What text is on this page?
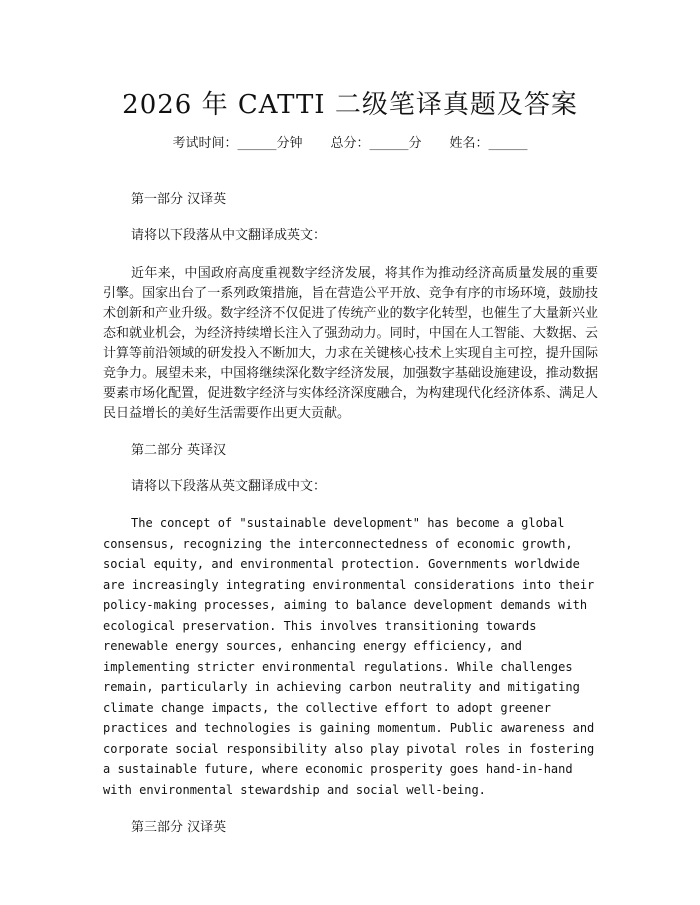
2026 年 CATTI 二级笔译真题及答案
考试时间：______分钟 总分：______分 姓名：______

第一部分 汉译英

请将以下段落从中文翻译成英文：

近年来，中国政府高度重视数字经济发展，将其作为推动经济高质量发展的重要引擎。国家出台了一系列政策措施，旨在营造公平开放、竞争有序的市场环境，鼓励技术创新和产业升级。数字经济不仅促进了传统产业的数字化转型，也催生了大量新兴业态和就业机会，为经济持续增长注入了强劲动力。同时，中国在人工智能、大数据、云计算等前沿领域的研发投入不断加大，力求在关键核心技术上实现自主可控，提升国际竞争力。展望未来，中国将继续深化数字经济发展，加强数字基础设施建设，推动数据要素市场化配置，促进数字经济与实体经济深度融合，为构建现代化经济体系、满足人民日益增长的美好生活需要作出更大贡献。

第二部分 英译汉

请将以下段落从英文翻译成中文：

The concept of "sustainable development" has become a global consensus, recognizing the interconnectedness of economic growth, social equity, and environmental protection. Governments worldwide are increasingly integrating environmental considerations into their policy-making processes, aiming to balance development demands with ecological preservation. This involves transitioning towards renewable energy sources, enhancing energy efficiency, and implementing stricter environmental regulations. While challenges remain, particularly in achieving carbon neutrality and mitigating climate change impacts, the collective effort to adopt greener practices and technologies is gaining momentum. Public awareness and corporate social responsibility also play pivotal roles in fostering a sustainable future, where economic prosperity goes hand-in-hand with environmental stewardship and social well-being.

第三部分 汉译英
